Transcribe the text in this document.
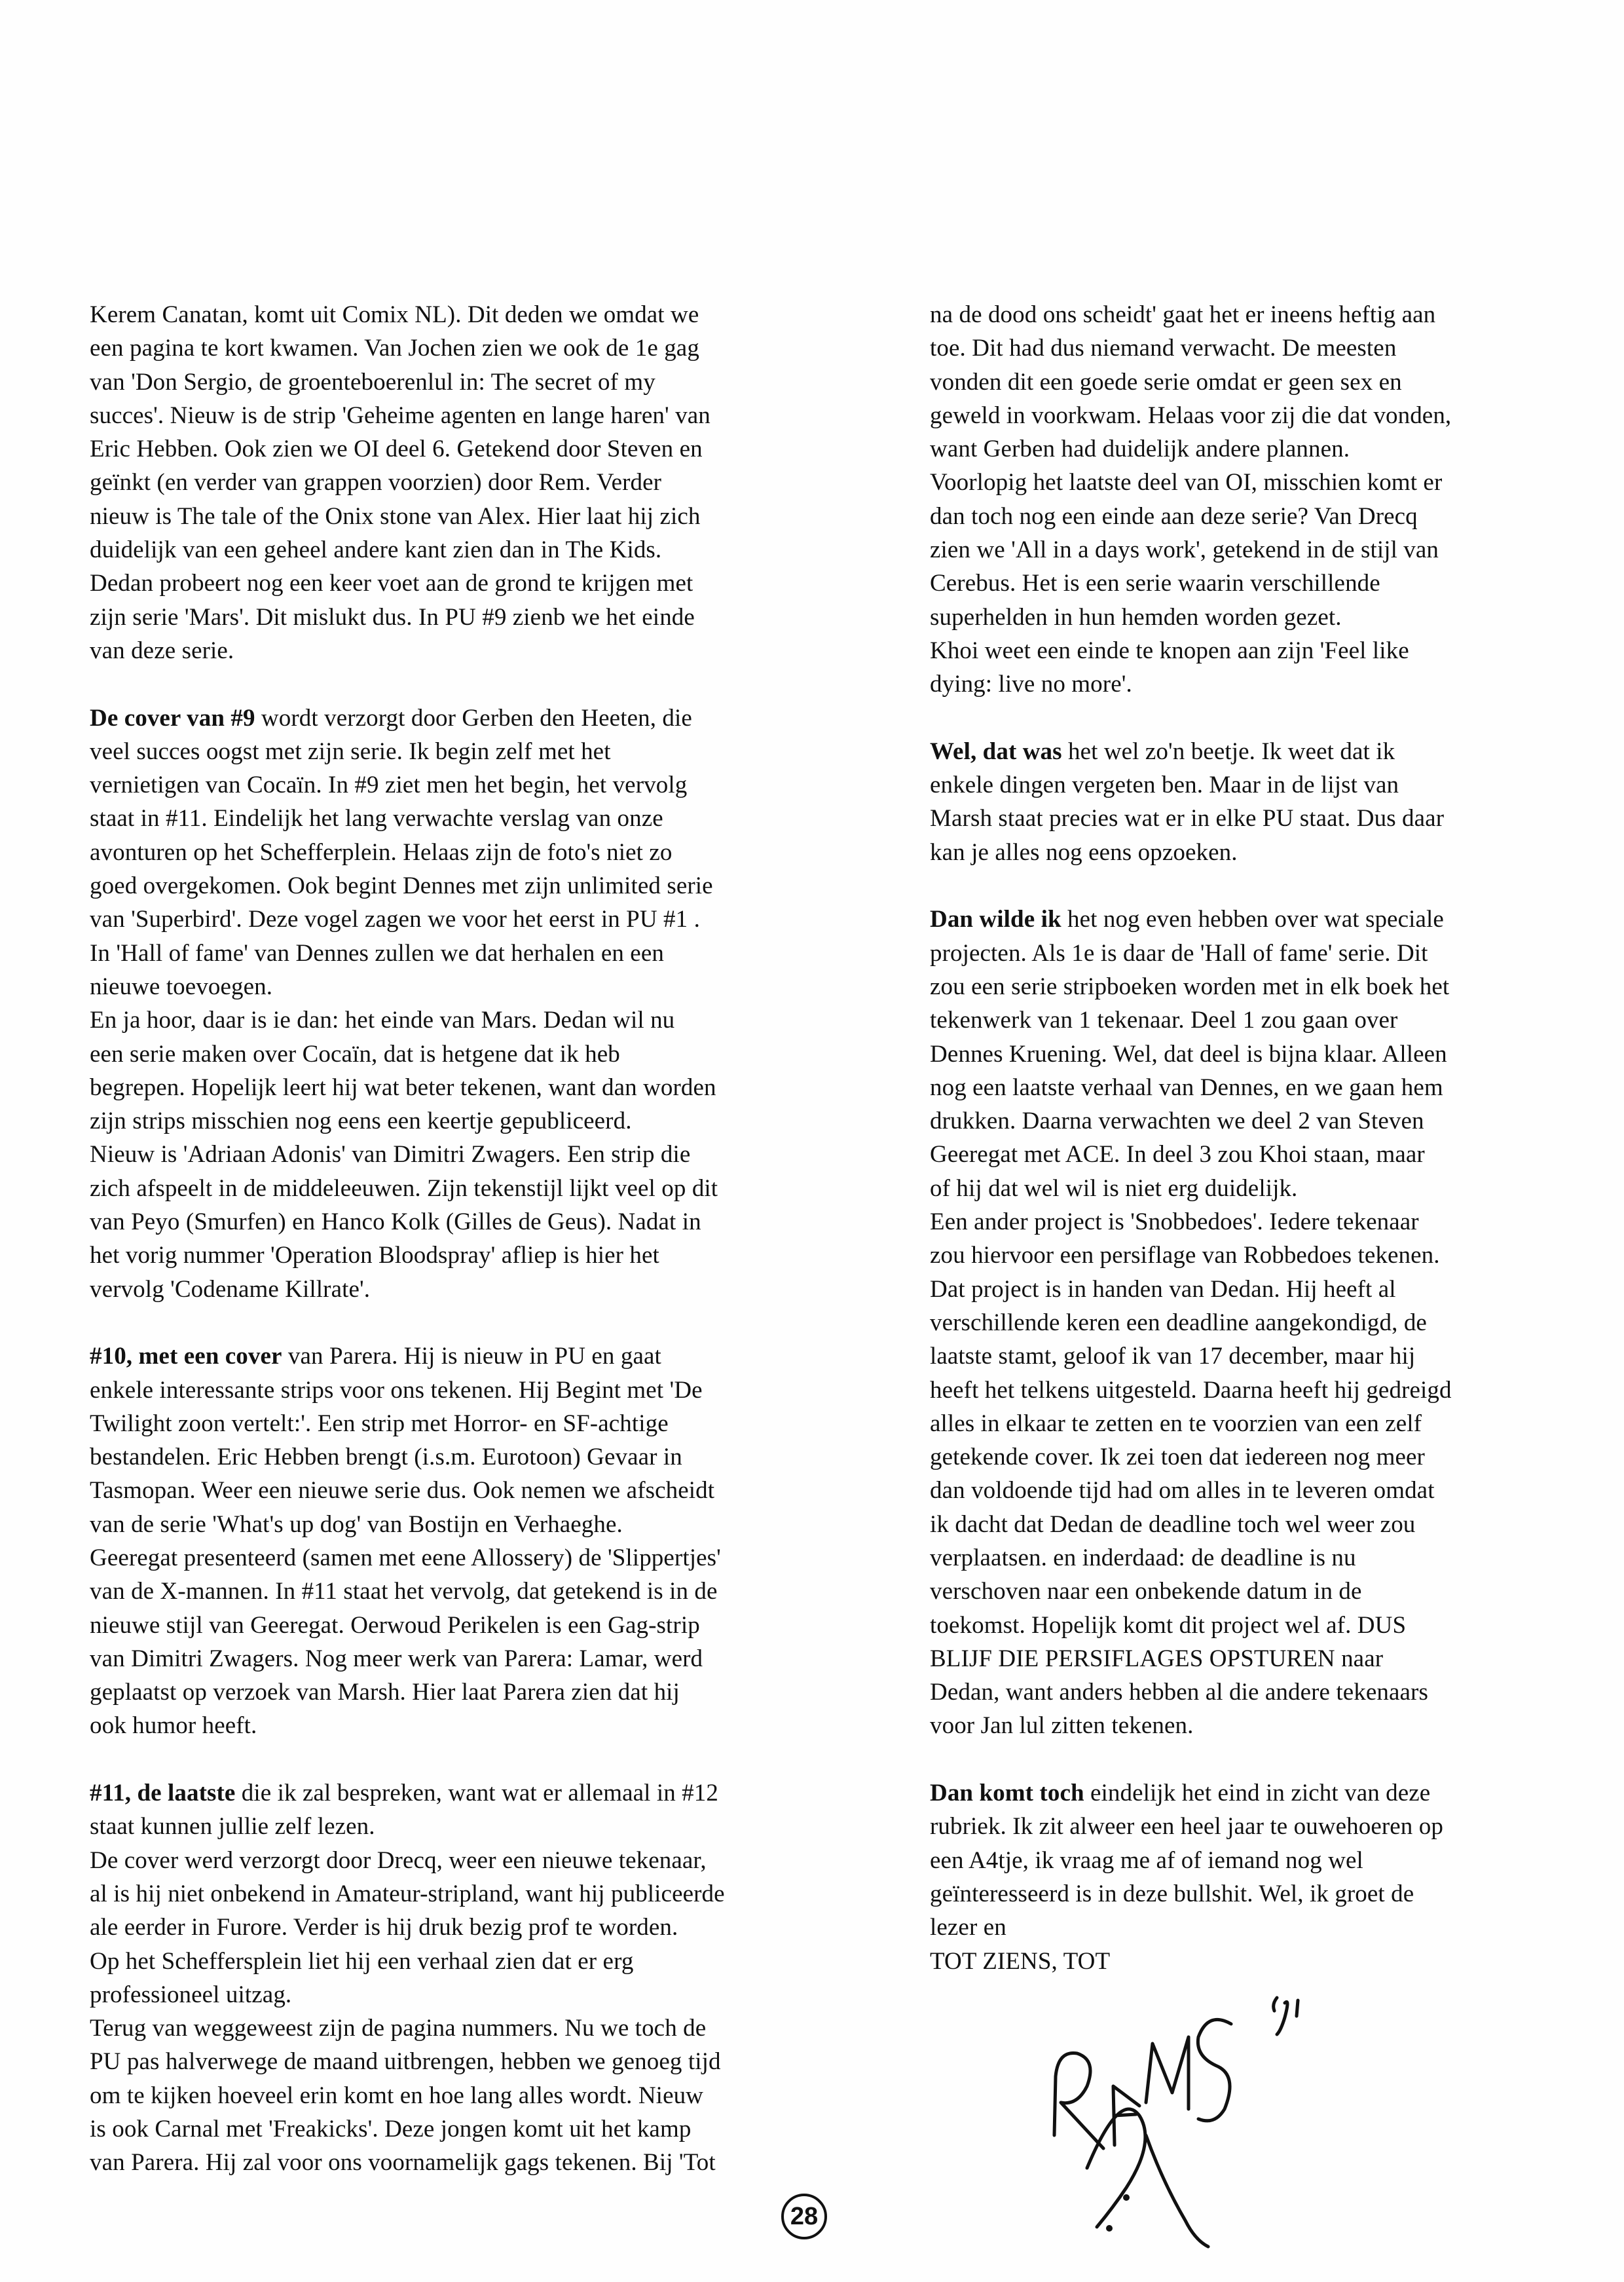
Kerem Canatan, komt uit Comix NL). Dit deden we omdat we
een pagina te kort kwamen. Van Jochen zien we ook de 1e gag
van 'Don Sergio, de groenteboerenlul in: The secret of my
succes'. Nieuw is de strip 'Geheime agenten en lange haren' van
Eric Hebben. Ook zien we OI deel 6. Getekend door Steven en
geïnkt (en verder van grappen voorzien) door Rem. Verder
nieuw is The tale of the Onix stone van Alex. Hier laat hij zich
duidelijk van een geheel andere kant zien dan in The Kids.
Dedan probeert nog een keer voet aan de grond te krijgen met
zijn serie 'Mars'. Dit mislukt dus. In PU #9 zienb we het einde
van deze serie.
De cover van #9 wordt verzorgt door Gerben den Heeten, die
veel succes oogst met zijn serie. Ik begin zelf met het
vernietigen van Cocaïn. In #9 ziet men het begin, het vervolg
staat in #11. Eindelijk het lang verwachte verslag van onze
avonturen op het Schefferplein. Helaas zijn de foto's niet zo
goed overgekomen. Ook begint Dennes met zijn unlimited serie
van 'Superbird'. Deze vogel zagen we voor het eerst in PU #1 .
In 'Hall of fame' van Dennes zullen we dat herhalen en een
nieuwe toevoegen.
En ja hoor, daar is ie dan: het einde van Mars. Dedan wil nu
een serie maken over Cocaïn, dat is hetgene dat ik heb
begrepen. Hopelijk leert hij wat beter tekenen, want dan worden
zijn strips misschien nog eens een keertje gepubliceerd.
Nieuw is 'Adriaan Adonis' van Dimitri Zwagers. Een strip die
zich afspeelt in de middeleeuwen. Zijn tekenstijl lijkt veel op dit
van Peyo (Smurfen) en Hanco Kolk (Gilles de Geus). Nadat in
het vorig nummer 'Operation Bloodspray' afliep is hier het
vervolg 'Codename Killrate'.
#10, met een cover van Parera. Hij is nieuw in PU en gaat
enkele interessante strips voor ons tekenen. Hij Begint met 'De
Twilight zoon vertelt:'. Een strip met Horror- en SF-achtige
bestandelen. Eric Hebben brengt (i.s.m. Eurotoon) Gevaar in
Tasmopan. Weer een nieuwe serie dus. Ook nemen we afscheidt
van de serie 'What's up dog' van Bostijn en Verhaeghe.
Geeregat presenteerd (samen met eene Allossery) de 'Slippertjes'
van de X-mannen. In #11 staat het vervolg, dat getekend is in de
nieuwe stijl van Geeregat. Oerwoud Perikelen is een Gag-strip
van Dimitri Zwagers. Nog meer werk van Parera: Lamar, werd
geplaatst op verzoek van Marsh. Hier laat Parera zien dat hij
ook humor heeft.
#11, de laatste die ik zal bespreken, want wat er allemaal in #12
staat kunnen jullie zelf lezen.
De cover werd verzorgt door Drecq, weer een nieuwe tekenaar,
al is hij niet onbekend in Amateur-stripland, want hij publiceerde
ale eerder in Furore. Verder is hij druk bezig prof te worden.
Op het Scheffersplein liet hij een verhaal zien dat er erg
professioneel uitzag.
Terug van weggeweest zijn de pagina nummers. Nu we toch de
PU pas halverwege de maand uitbrengen, hebben we genoeg tijd
om te kijken hoeveel erin komt en hoe lang alles wordt. Nieuw
is ook Carnal met 'Freakicks'. Deze jongen komt uit het kamp
van Parera. Hij zal voor ons voornamelijk gags tekenen. Bij 'Tot
na de dood ons scheidt' gaat het er ineens heftig aan
toe. Dit had dus niemand verwacht. De meesten
vonden dit een goede serie omdat er geen sex en
geweld in voorkwam. Helaas voor zij die dat vonden,
want Gerben had duidelijk andere plannen.
Voorlopig het laatste deel van OI, misschien komt er
dan toch nog een einde aan deze serie? Van Drecq
zien we 'All in a days work', getekend in de stijl van
Cerebus. Het is een serie waarin verschillende
superhelden in hun hemden worden gezet.
Khoi weet een einde te knopen aan zijn 'Feel like
dying: live no more'.
Wel, dat was het wel zo'n beetje. Ik weet dat ik
enkele dingen vergeten ben. Maar in de lijst van
Marsh staat precies wat er in elke PU staat. Dus daar
kan je alles nog eens opzoeken.
Dan wilde ik het nog even hebben over wat speciale
projecten. Als 1e is daar de 'Hall of fame' serie. Dit
zou een serie stripboeken worden met in elk boek het
tekenwerk van 1 tekenaar. Deel 1 zou gaan over
Dennes Kruening. Wel, dat deel is bijna klaar. Alleen
nog een laatste verhaal van Dennes, en we gaan hem
drukken. Daarna verwachten we deel 2 van Steven
Geeregat met ACE. In deel 3 zou Khoi staan, maar
of hij dat wel wil is niet erg duidelijk.
Een ander project is 'Snobbedoes'. Iedere tekenaar
zou hiervoor een persiflage van Robbedoes tekenen.
Dat project is in handen van Dedan. Hij heeft al
verschillende keren een deadline aangekondigd, de
laatste stamt, geloof ik van 17 december, maar hij
heeft het telkens uitgesteld. Daarna heeft hij gedreigd
alles in elkaar te zetten en te voorzien van een zelf
getekende cover. Ik zei toen dat iedereen nog meer
dan voldoende tijd had om alles in te leveren omdat
ik dacht dat Dedan de deadline toch wel weer zou
verplaatsen. en inderdaad: de deadline is nu
verschoven naar een onbekende datum in de
toekomst. Hopelijk komt dit project wel af. DUS
BLIJF DIE PERSIFLAGES OPSTUREN naar
Dedan, want anders hebben al die andere tekenaars
voor Jan lul zitten tekenen.
Dan komt toch eindelijk het eind in zicht van deze
rubriek. Ik zit alweer een heel jaar te ouwehoeren op
een A4tje, ik vraag me af of iemand nog wel
geïnteresseerd is in deze bullshit. Wel, ik groet de
lezer en
TOT ZIENS, TOT
28
